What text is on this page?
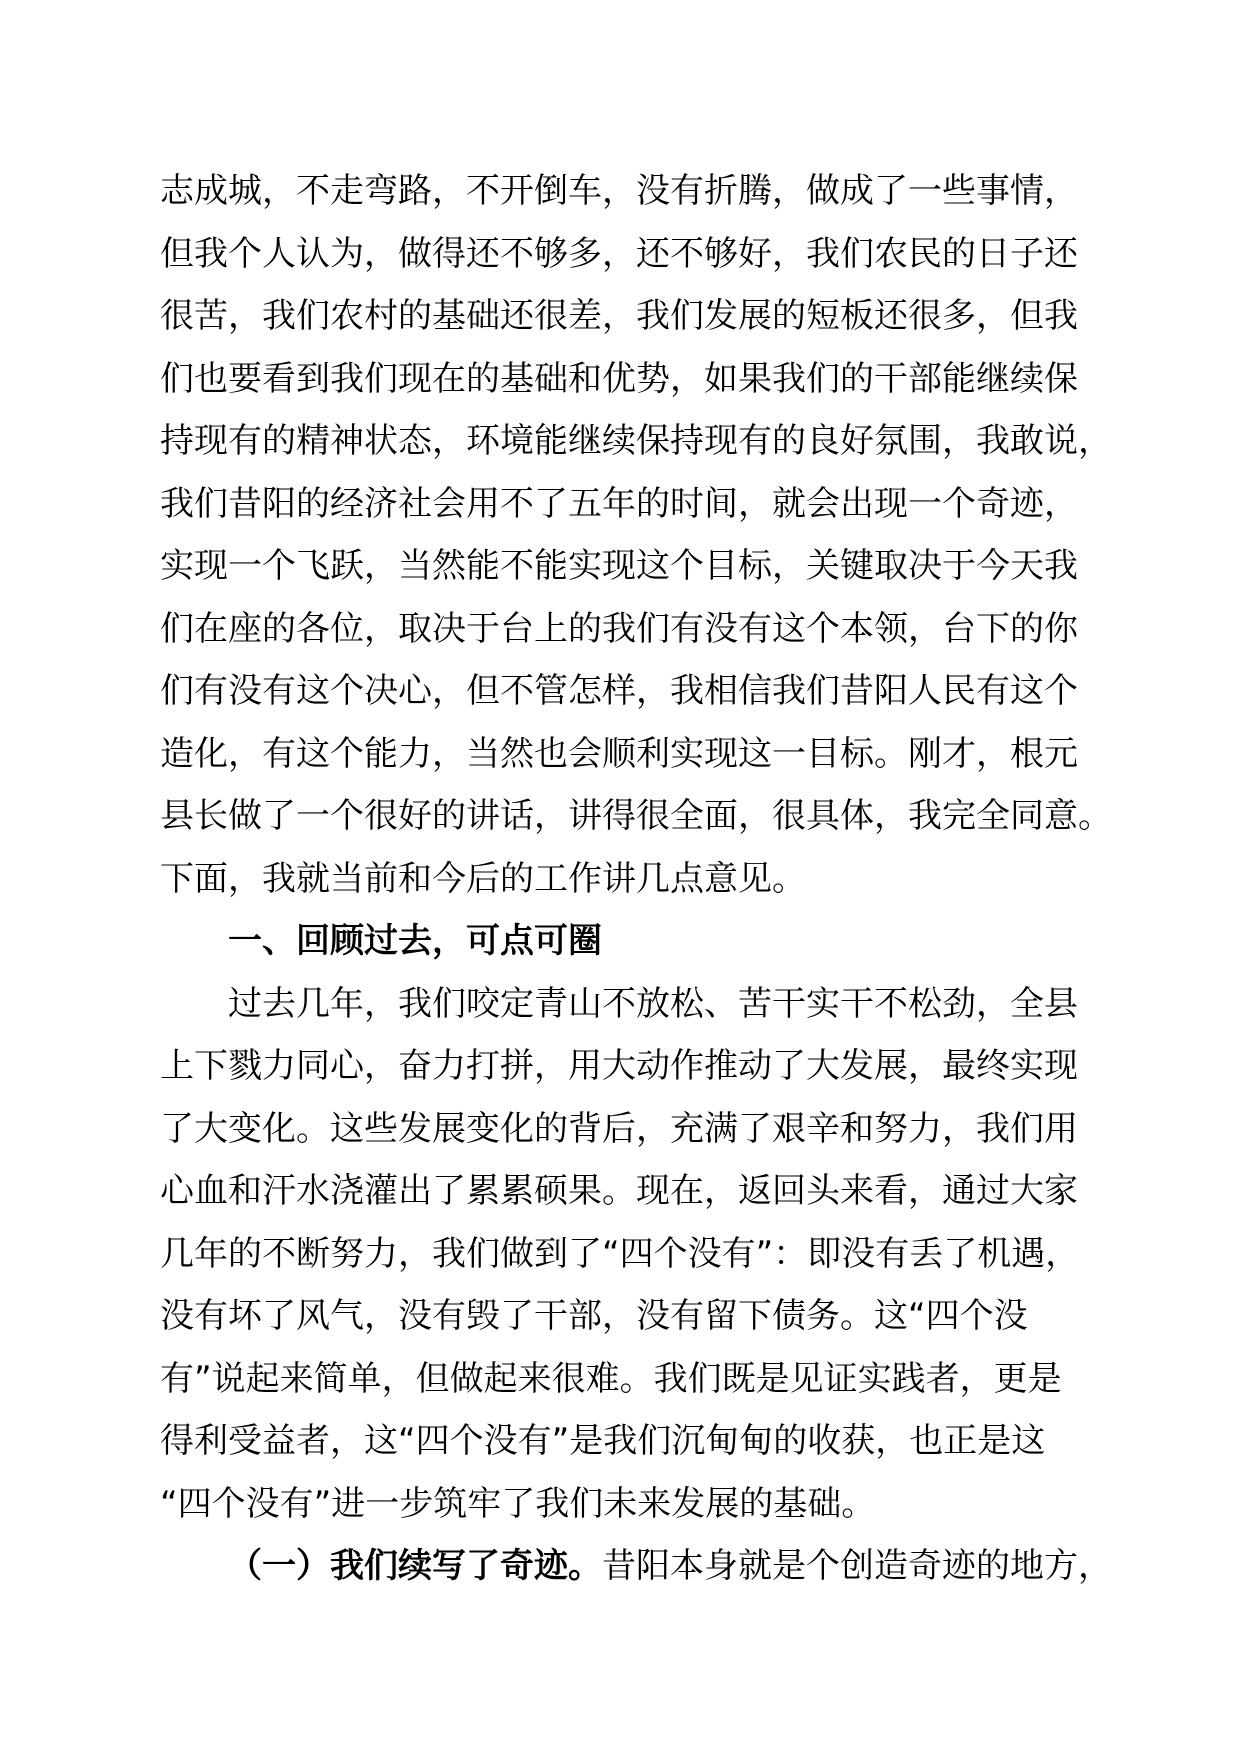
志成城，不走弯路，不开倒车，没有折腾，做成了一些事情，
但我个人认为，做得还不够多，还不够好，我们农民的日子还
很苦，我们农村的基础还很差，我们发展的短板还很多，但我
们也要看到我们现在的基础和优势，如果我们的干部能继续保
持现有的精神状态，环境能继续保持现有的良好氛围，我敢说，
我们昔阳的经济社会用不了五年的时间，就会出现一个奇迹，
实现一个飞跃，当然能不能实现这个目标，关键取决于今天我
们在座的各位，取决于台上的我们有没有这个本领，台下的你
们有没有这个决心，但不管怎样，我相信我们昔阳人民有这个
造化，有这个能力，当然也会顺利实现这一目标。刚才，根元
县长做了一个很好的讲话，讲得很全面，很具体，我完全同意。
下面，我就当前和今后的工作讲几点意见。
一、回顾过去，可点可圈
过去几年，我们咬定青山不放松、苦干实干不松劲，全县
上下戮力同心，奋力打拼，用大动作推动了大发展，最终实现
了大变化。这些发展变化的背后，充满了艰辛和努力，我们用
心血和汗水浇灌出了累累硕果。现在，返回头来看，通过大家
几年的不断努力，我们做到了“四个没有”：即没有丢了机遇，
没有坏了风气，没有毁了干部，没有留下债务。这“四个没
有”说起来简单，但做起来很难。我们既是见证实践者，更是
得利受益者，这“四个没有”是我们沉甸甸的收获，也正是这
“四个没有”进一步筑牢了我们未来发展的基础。
（一）我们续写了奇迹。昔阳本身就是个创造奇迹的地方，
